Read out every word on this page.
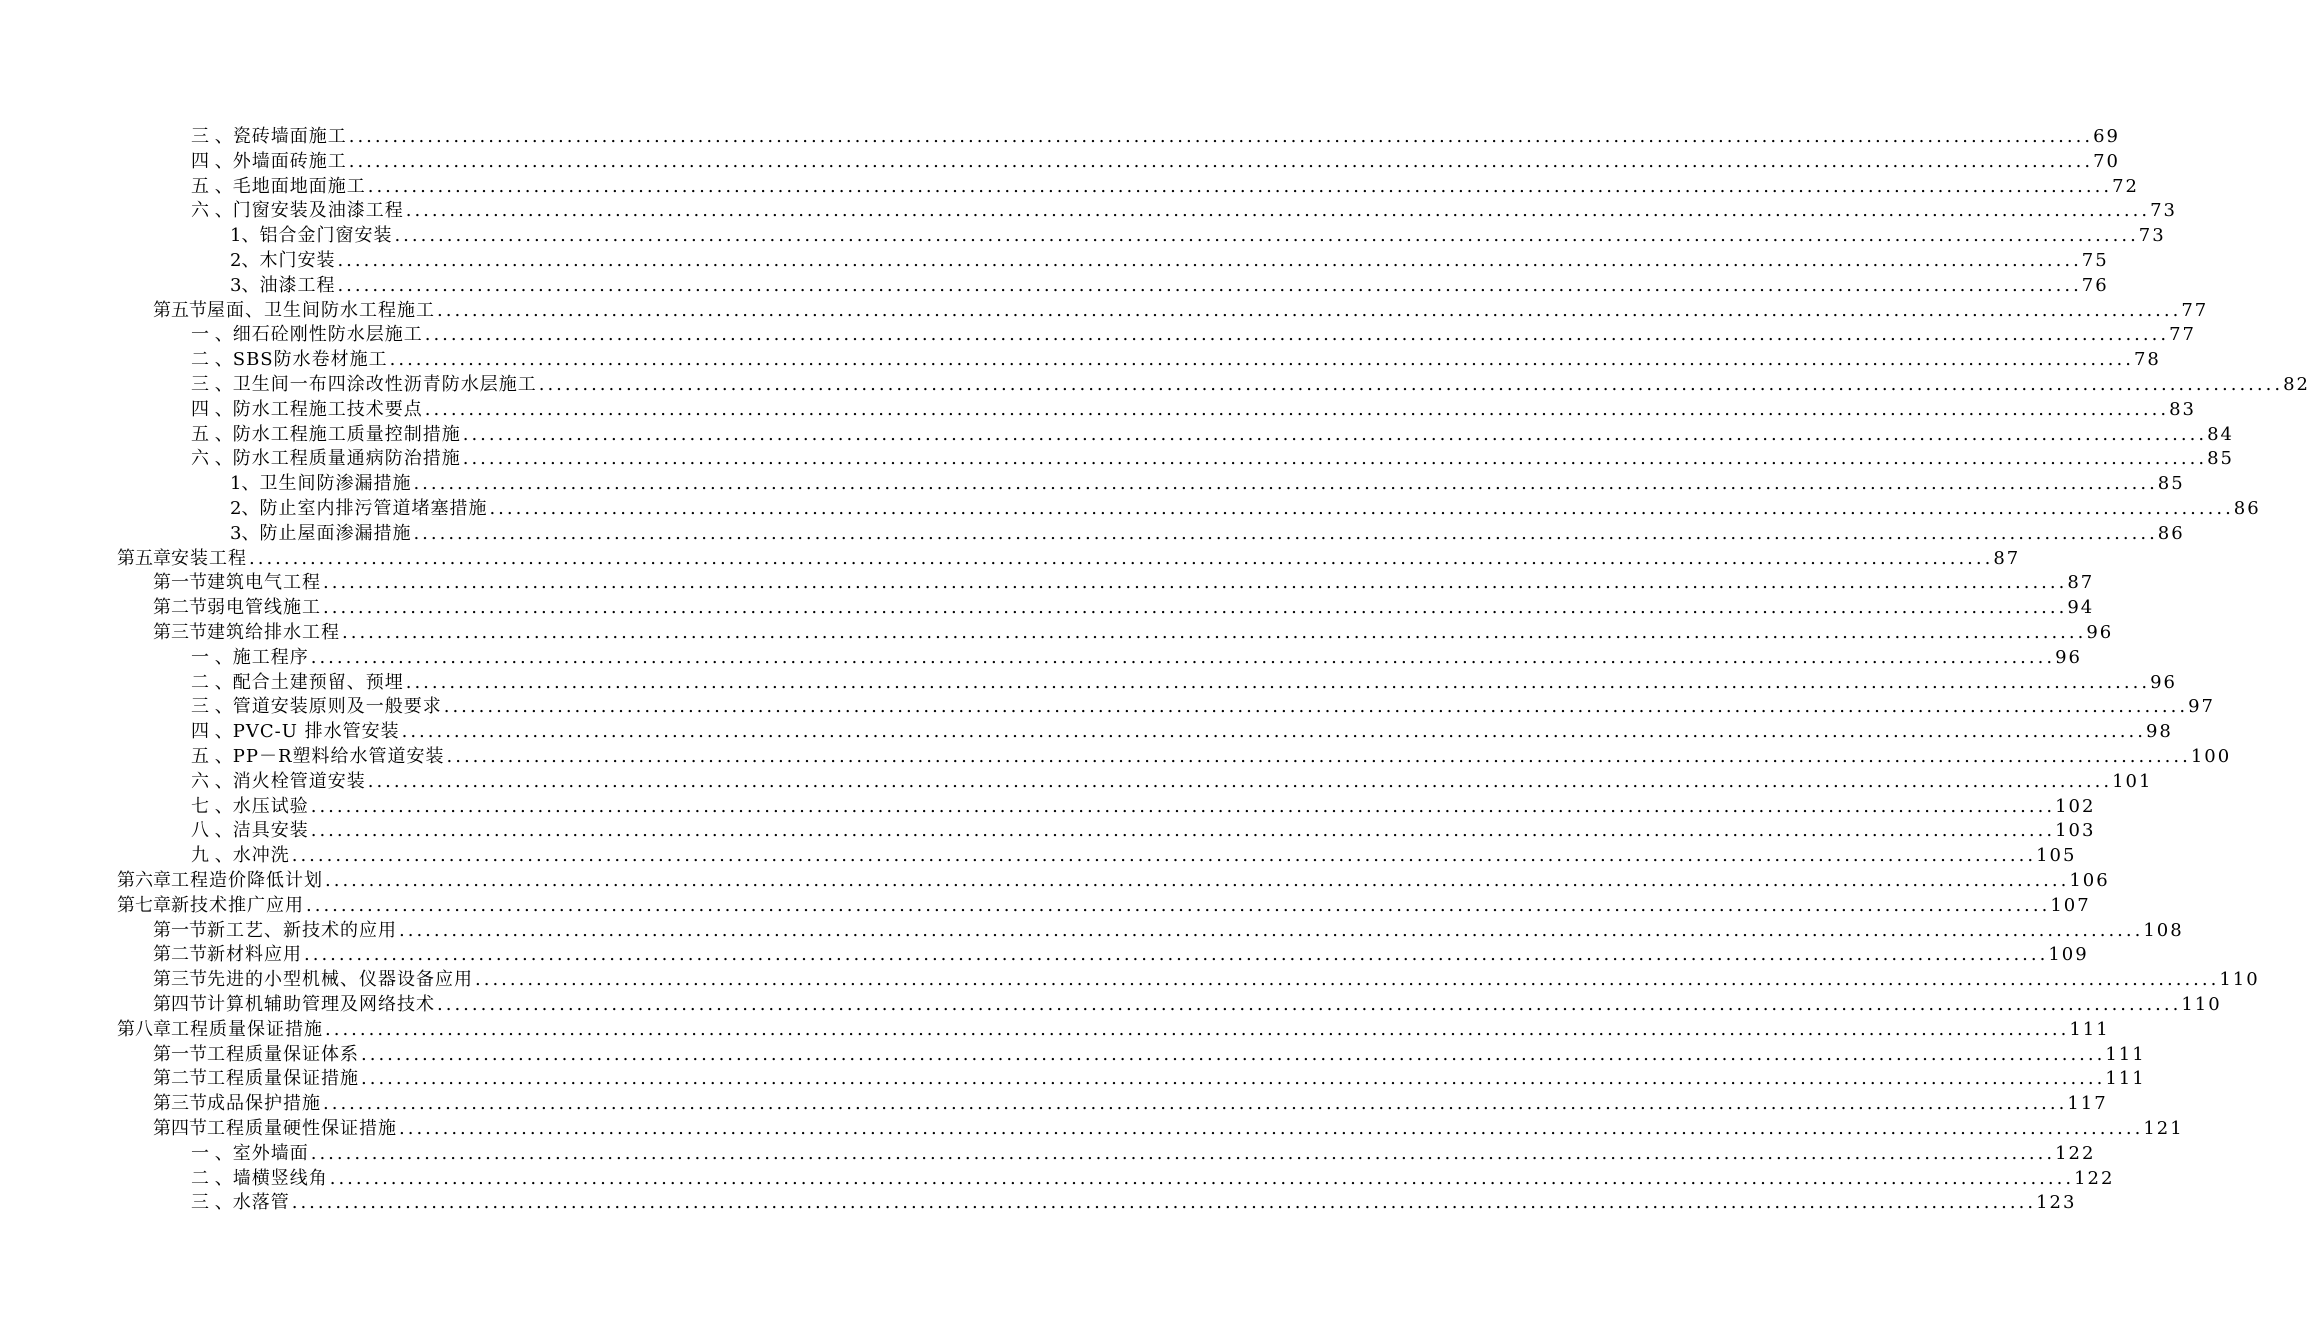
三 、 瓷砖墙面施工 ........................................................................................................................................................................................................ 69
四 、 外墙面砖施工 ........................................................................................................................................................................................................ 70
五 、 毛地面地面施工 ........................................................................................................................................................................................................ 72
六 、 门窗安装及油漆工程 ........................................................................................................................................................................................................ 73
1、 铝合金门窗安装 ........................................................................................................................................................................................................ 73
2、 木门安装 ........................................................................................................................................................................................................ 75
3、 油漆工程 ........................................................................................................................................................................................................ 76
第五节 屋面、卫生间防水工程施工 ........................................................................................................................................................................................................ 77
一 、 细石砼刚性防水层施工 ........................................................................................................................................................................................................ 77
二 、 SBS防水卷材施工 ........................................................................................................................................................................................................ 78
三 、 卫生间一布四涂改性沥青防水层施工 ........................................................................................................................................................................................................ 82
四 、 防水工程施工技术要点 ........................................................................................................................................................................................................ 83
五 、 防水工程施工质量控制措施 ........................................................................................................................................................................................................ 84
六 、 防水工程质量通病防治措施 ........................................................................................................................................................................................................ 85
1、 卫生间防渗漏措施 ........................................................................................................................................................................................................ 85
2、 防止室内排污管道堵塞措施 ........................................................................................................................................................................................................ 86
3、 防止屋面渗漏措施 ........................................................................................................................................................................................................ 86
第五章 安装工程 ........................................................................................................................................................................................................ 87
第一节 建筑电气工程 ........................................................................................................................................................................................................ 87
第二节 弱电管线施工 ........................................................................................................................................................................................................ 94
第三节 建筑给排水工程 ........................................................................................................................................................................................................ 96
一 、 施工程序 ........................................................................................................................................................................................................ 96
二 、 配合土建预留、预埋 ........................................................................................................................................................................................................ 96
三 、 管道安装原则及一般要求 ........................................................................................................................................................................................................ 97
四 、 PVC-U 排水管安装 ........................................................................................................................................................................................................ 98
五 、 PP－R塑料给水管道安装 ........................................................................................................................................................................................................ 100
六 、 消火栓管道安装 ........................................................................................................................................................................................................ 101
七 、 水压试验 ........................................................................................................................................................................................................ 102
八 、 洁具安装 ........................................................................................................................................................................................................ 103
九 、 水冲洗 ........................................................................................................................................................................................................ 105
第六章 工程造价降低计划 ........................................................................................................................................................................................................ 106
第七章 新技术推广应用 ........................................................................................................................................................................................................ 107
第一节 新工艺、新技术的应用 ........................................................................................................................................................................................................ 108
第二节 新材料应用 ........................................................................................................................................................................................................ 109
第三节 先进的小型机械、仪器设备应用 ........................................................................................................................................................................................................ 110
第四节 计算机辅助管理及网络技术 ........................................................................................................................................................................................................ 110
第八章 工程质量保证措施 ........................................................................................................................................................................................................ 111
第一节 工程质量保证体系 ........................................................................................................................................................................................................ 111
第二节 工程质量保证措施 ........................................................................................................................................................................................................ 111
第三节 成品保护措施 ........................................................................................................................................................................................................ 117
第四节 工程质量硬性保证措施 ........................................................................................................................................................................................................ 121
一 、 室外墙面 ........................................................................................................................................................................................................ 122
二 、 墙横竖线角 ........................................................................................................................................................................................................ 122
三 、 水落管 ........................................................................................................................................................................................................ 123
